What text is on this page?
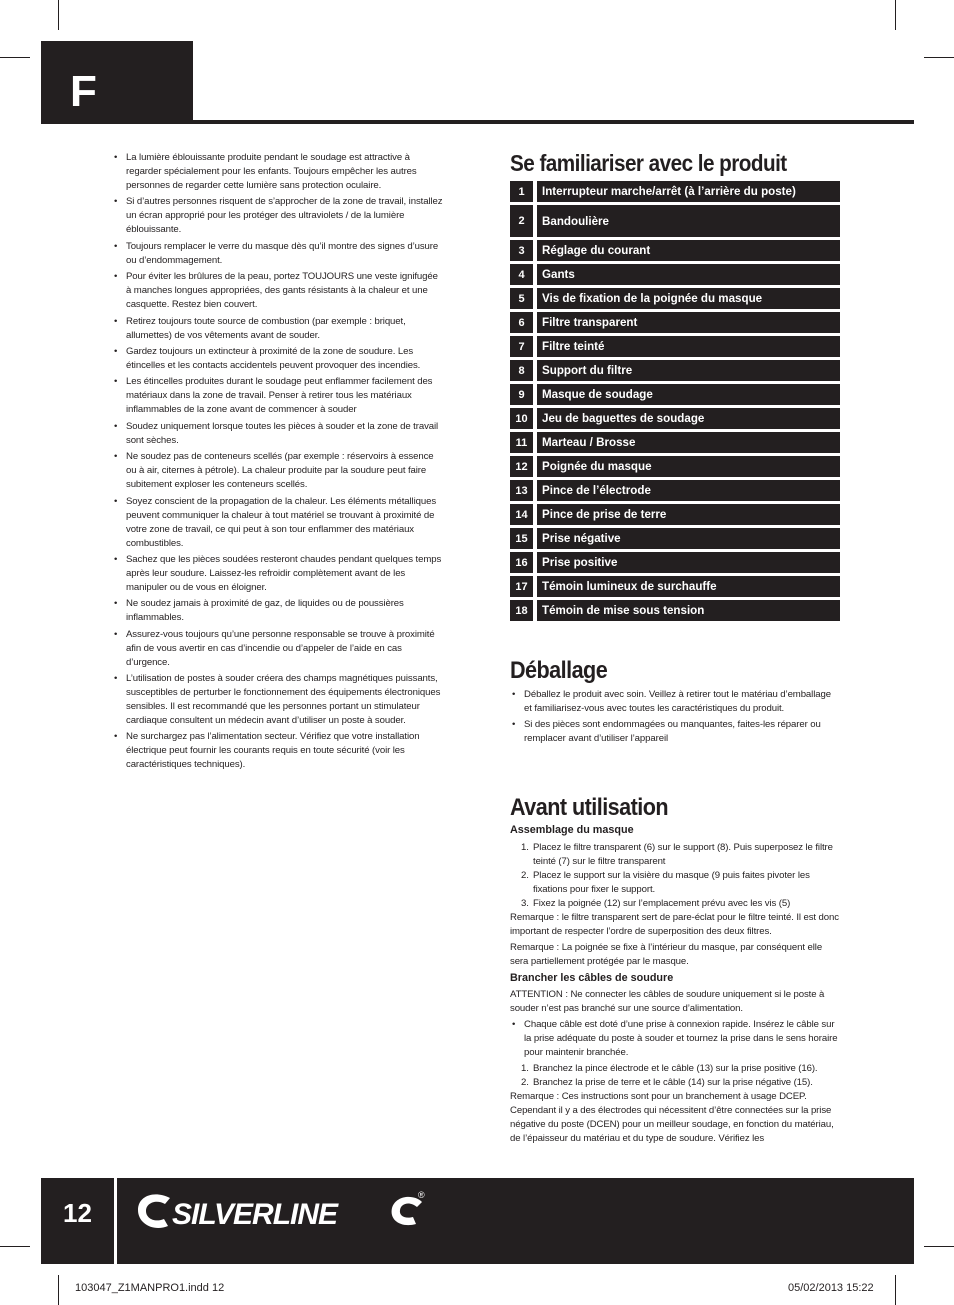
F
• La lumière éblouissante produite pendant le soudage est attractive à regarder spécialement pour les enfants. Toujours empêcher les autres personnes de regarder cette lumière sans protection oculaire.
• Si d’autres personnes risquent de s’approcher de la zone de travail, installez un écran approprié pour les protéger des ultraviolets / de la lumière éblouissante.
• Toujours remplacer le verre du masque dès qu’il montre des signes d’usure ou d’endommagement.
• Pour éviter les brûlures de la peau, portez TOUJOURS une veste ignifugée à manches longues appropriées, des gants résistants à la chaleur et une casquette. Restez bien couvert.
• Retirez toujours toute source de combustion (par exemple : briquet, allumettes) de vos vêtements avant de souder.
• Gardez toujours un extincteur à proximité de la zone de soudure. Les étincelles et les contacts accidentels peuvent provoquer des incendies.
• Les étincelles produites durant le soudage peut enflammer facilement des matériaux dans la zone de travail. Penser à retirer tous les matériaux inflammables de la zone avant de commencer à souder
• Soudez uniquement lorsque toutes les pièces à souder et la zone de travail sont sèches.
• Ne soudez pas de conteneurs scellés (par exemple : réservoirs à essence ou à air, citernes à pétrole). La chaleur produite par la soudure peut faire subitement exploser les conteneurs scellés.
• Soyez conscient de la propagation de la chaleur. Les éléments métalliques peuvent communiquer la chaleur à tout matériel se trouvant à proximité de votre zone de travail, ce qui peut à son tour enflammer des matériaux combustibles.
• Sachez que les pièces soudées resteront chaudes pendant quelques temps après leur soudure. Laissez-les refroidir complètement avant de les manipuler ou de vous en éloigner.
• Ne soudez jamais à proximité de gaz, de liquides ou de poussières inflammables.
• Assurez-vous toujours qu’une personne responsable se trouve à proximité afin de vous avertir en cas d’incendie ou d’appeler de l’aide en cas d’urgence.
• L’utilisation de postes à souder créera des champs magnétiques puissants, susceptibles de perturber le fonctionnement des équipements électroniques sensibles. Il est recommandé que les personnes portant un stimulateur cardiaque consultent un médecin avant d’utiliser un poste à souder.
• Ne surchargez pas l’alimentation secteur. Vérifiez que votre installation électrique peut fournir les courants requis en toute sécurité (voir les caractéristiques techniques).
Se familiariser avec le produit
1	Interrupteur marche/arrêt (à l’arrière du poste)
2	Bandoulière
3	Réglage du courant
4	Gants
5	Vis de fixation de la poignée du masque
6	Filtre transparent
7	Filtre teinté
8	Support du filtre
9	Masque de soudage
10	Jeu de baguettes de soudage
11	Marteau / Brosse
12	Poignée du masque
13	Pince de l’électrode
14	Pince de prise de terre
15	Prise négative
16	Prise positive
17	Témoin lumineux de surchauffe
18	Témoin de mise sous tension
Déballage
• Déballez le produit avec soin. Veillez à retirer tout le matériau d’emballage et familiarisez-vous avec toutes les caractéristiques du produit.
• Si des pièces sont endommagées ou manquantes, faites-les réparer ou remplacer avant d’utiliser l’appareil
Avant utilisation
Assemblage du masque
1. Placez le filtre transparent (6) sur le support (8). Puis superposez le filtre teinté (7) sur le filtre transparent
2. Placez le support sur la visière du masque (9 puis faites pivoter les fixations pour fixer le support.
3. Fixez la poignée (12) sur l’emplacement prévu avec les vis (5)
Remarque : le filtre transparent sert de pare-éclat pour le filtre teinté. Il est donc important de respecter l’ordre de superposition des deux filtres.
Remarque : La poignée se fixe à l’intérieur du masque, par conséquent elle sera partiellement protégée par le masque.
Brancher les câbles de soudure
ATTENTION : Ne connecter les câbles de soudure uniquement si le poste à souder n’est pas branché sur une source d’alimentation.
• Chaque câble est doté d’une prise à connexion rapide. Insérez le câble sur la prise adéquate du poste à souder et tournez la prise dans le sens horaire pour maintenir branchée.
1. Branchez la pince électrode et le câble (13) sur la prise positive (16).
2. Branchez la prise de terre et le câble (14) sur la prise négative (15).
Remarque : Ces instructions sont pour un branchement à usage DCEP. Cependant il y a des électrodes qui nécessitent d’être connectées sur la prise négative du poste (DCEN) pour un meilleur soudage, en fonction du matériau, de l’épaisseur du matériau et du type de soudure. Vérifiez les
12	SILVERLINE
®
103047_Z1MANPRO1.indd 12	05/02/2013 15:22
